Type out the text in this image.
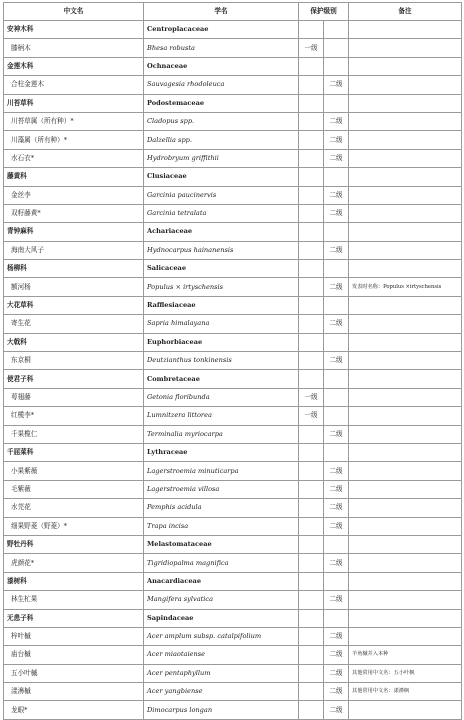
中文名	学名	保护级别		备注
安神木科	Centroplacaceae			
膝柄木	Bhesa robusta	一级		
金莲木科	Ochnaceae			
合柱金莲木	Sauvagesia rhodoleuca		二级	
川苔草科	Podostemaceae			
川苔草属（所有种）*	Cladopus spp.		二级	
川藻属（所有种）*	Dalzellia spp.		二级	
水石衣*	Hydrobryum griffithii		二级	
藤黄科	Clusiaceae			
金丝李	Garcinia paucinervis		二级	
双籽藤黄*	Garcinia tetralata		二级	
青钟麻科	Achariaceae			
海南大风子	Hydnocarpus hainanensis		二级	
杨柳科	Salicaceae			
额河杨	Populus × irtyschensis		二级	发表时名称：Populus ×irtyschensis
大花草科	Rafflesiaceae			
寄生花	Sapria himalayana		二级	
大戟科	Euphorbiaceae			
东京桐	Deutzianthus tonkinensis		二级	
使君子科	Combretaceae			
萼翅藤	Getonia floribunda	一级		
红榄李*	Lumnitzera littorea	一级		
千果榄仁	Terminalia myriocarpa		二级	
千屈菜科	Lythraceae			
小果紫薇	Lagerstroemia minuticarpa		二级	
毛紫薇	Lagerstroemia villosa		二级	
水芫花	Pemphis acidula		二级	
细果野菱（野菱）*	Trapa incisa		二级	
野牡丹科	Melastomataceae			
虎颜花*	Tigridiopalma magnifica		二级	
漆树科	Anacardiaceae			
林生杧果	Mangifera sylvatica		二级	
无患子科	Sapindaceae			
梓叶槭	Acer amplum subsp. catalpifolium		二级	
庙台槭	Acer miaotaiense		二级	羊角槭并入本种
五小叶槭	Acer pentaphyllum		二级	其他常用中文名：五小叶枫
漾濞槭	Acer yangbiense		二级	其他常用中文名：漾濞枫
龙眼*	Dimocarpus longan		二级	
